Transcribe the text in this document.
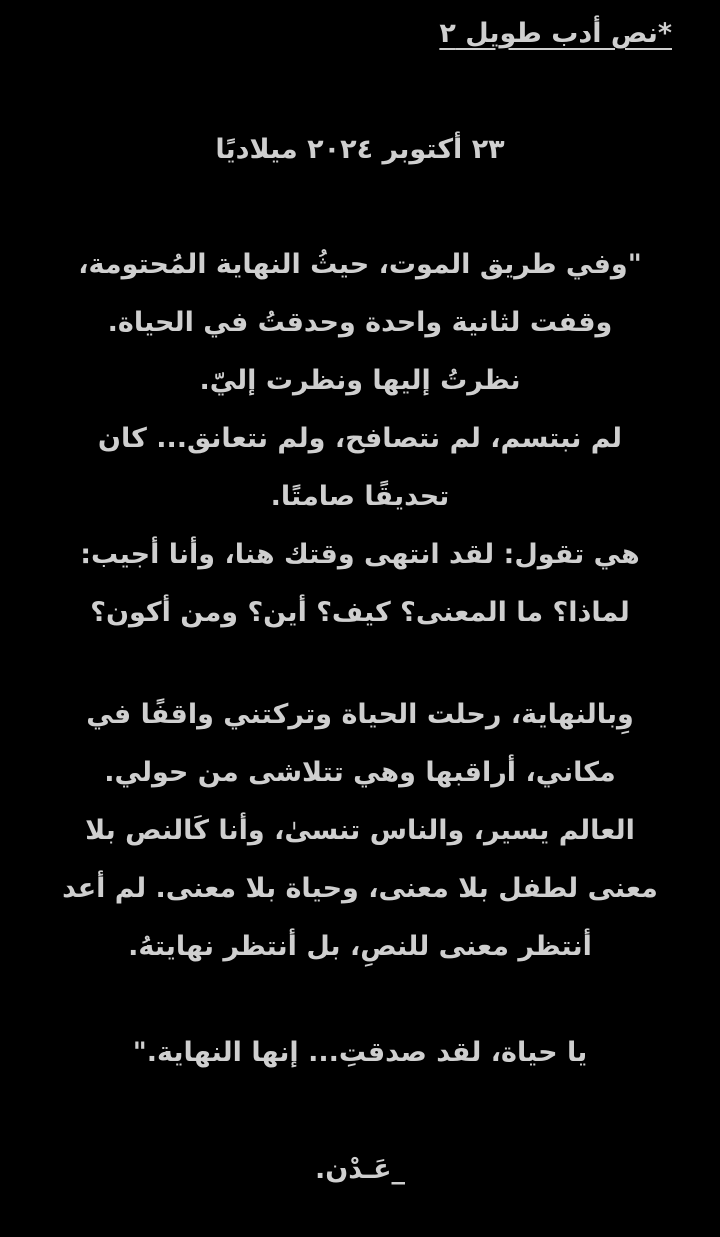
*نص أدب طويل ٢
٢٣ أكتوبر ٢٠٢٤ ميلاديًا
"وفي طريق الموت، حيثُ النهاية المُحتومة،
وقفت لثانية واحدة وحدقتُ في الحياة.
نظرتُ إليها ونظرت إليّ.
لم نبتسم، لم نتصافح، ولم نتعانق... كان
تحديقًا صامتًا.
هي تقول: لقد انتهى وقتك هنا، وأنا أجيب:
لماذا؟ ما المعنى؟ كيف؟ أين؟ ومن أكون؟
وِبالنهاية، رحلت الحياة وتركتني واقفًا في
مكاني، أراقبها وهي تتلاشى من حولي.
العالم يسير، والناس تنسىٰ، وأنا كَالنص بلا
معنى لطفل بلا معنى، وحياة بلا معنى. لم أعد
أنتظر معنى للنصِ، بل أنتظر نهايتهُ.
يا حياة، لقد صدقتِ... إنها النهاية."
_عَـدْن.
